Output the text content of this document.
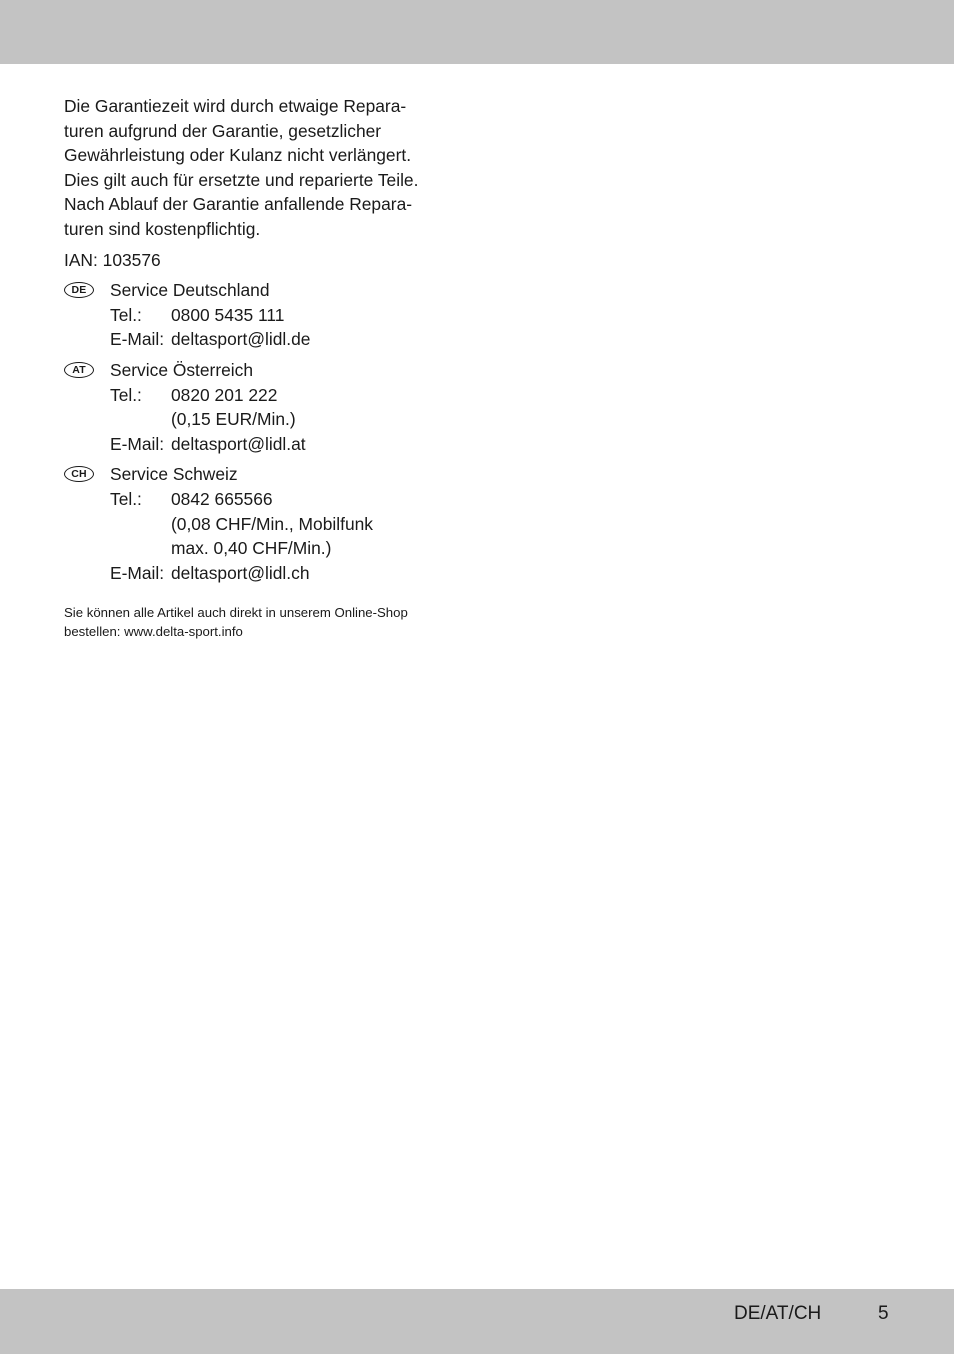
Die Garantiezeit wird durch etwaige Repara-

turen aufgrund der Garantie, gesetzlicher

Gewährleistung oder Kulanz nicht verlängert.

Dies gilt auch für ersetzte und reparierte Teile.

Nach Ablauf der Garantie anfallende Repara-

turen sind kostenpflichtig.

IAN: 103576

DE	Service Deutschland
Tel.:	0800 5435 111
E-Mail: deltasport@lidl.de
AT	Service Österreich
Tel.:	0820 201 222
(0,15 EUR/Min.)
E-Mail: deltasport@lidl.at
CH	Service Schweiz
Tel.:	0842 665566
(0,08 CHF/Min., Mobilfunk
max. 0,40 CHF/Min.)
E-Mail: deltasport@lidl.ch
Sie können alle Artikel auch direkt in unserem Online-Shop
bestellen: www.delta-sport.info
DE/AT/CH	5
